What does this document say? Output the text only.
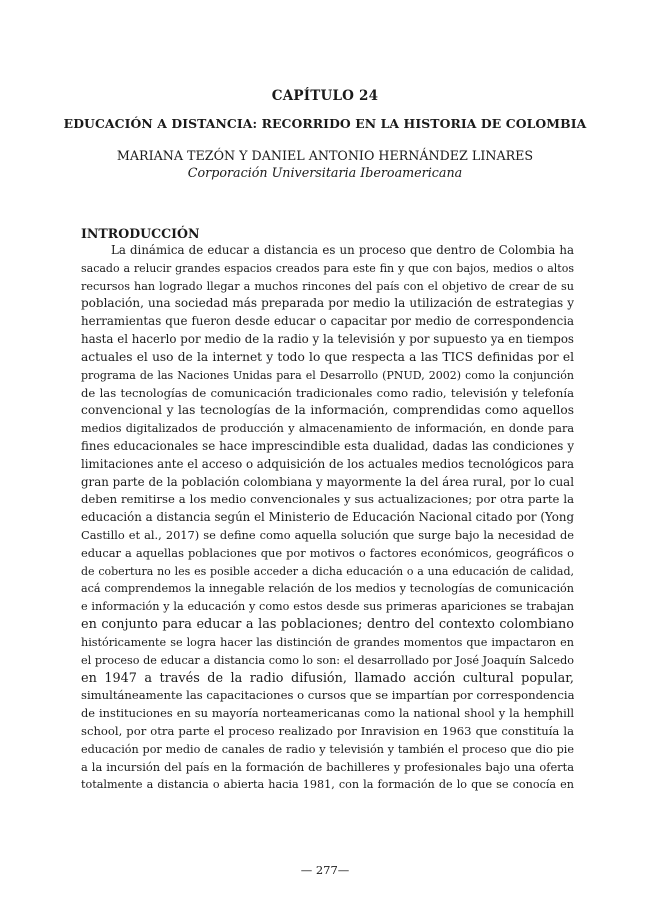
CAPÍTULO 24
EDUCACIÓN A DISTANCIA: RECORRIDO EN LA HISTORIA DE COLOMBIA
MARIANA TEZÓN Y DANIEL ANTONIO HERNÁNDEZ LINARES
Corporación Universitaria Iberoamericana
INTRODUCCIÓN
La dinámica de educar a distancia es un proceso que dentro de Colombia ha
sacado a relucir grandes espacios creados para este fin y que con bajos, medios o altos
recursos han logrado llegar a muchos rincones del país con el objetivo de crear de su
población, una sociedad más preparada por medio la utilización de estrategias y
herramientas que fueron desde educar o capacitar por medio de correspondencia
hasta el hacerlo por medio de la radio y la televisión y por supuesto ya en tiempos
actuales el uso de la internet y todo lo que respecta a las TICS definidas por el
programa de las Naciones Unidas para el Desarrollo (PNUD, 2002) como la conjunción
de las tecnologías de comunicación tradicionales como radio, televisión y telefonía
convencional y las tecnologías de la información, comprendidas como aquellos
medios digitalizados de producción y almacenamiento de información, en donde para
fines educacionales se hace imprescindible esta dualidad, dadas las condiciones y
limitaciones ante el acceso o adquisición de los actuales medios tecnológicos para
gran parte de la población colombiana y mayormente la del área rural, por lo cual
deben remitirse a los medio convencionales y sus actualizaciones; por otra parte la
educación a distancia según el Ministerio de Educación Nacional citado por (Yong
Castillo et al., 2017) se define como aquella solución que surge bajo la necesidad de
educar a aquellas poblaciones que por motivos o factores económicos, geográficos o
de cobertura no les es posible acceder a dicha educación o a una educación de calidad,
acá comprendemos la innegable relación de los medios y tecnologías de comunicación
e información y la educación y como estos desde sus primeras apariciones se trabajan
en conjunto para educar a las poblaciones; dentro del contexto colombiano
históricamente se logra hacer las distinción de grandes momentos que impactaron en
el proceso de educar a distancia como lo son: el desarrollado por José Joaquín Salcedo
en 1947 a través de la radio difusión, llamado acción cultural popular,
simultáneamente las capacitaciones o cursos que se impartían por correspondencia
de instituciones en su mayoría norteamericanas como la national shool y la hemphill
school, por otra parte el proceso realizado por Inravision en 1963 que constituía la
educación por medio de canales de radio y televisión y también el proceso que dio pie
a la incursión del país en la formación de bachilleres y profesionales bajo una oferta
totalmente a distancia o abierta hacia 1981, con la formación de lo que se conocía en
— 277—
